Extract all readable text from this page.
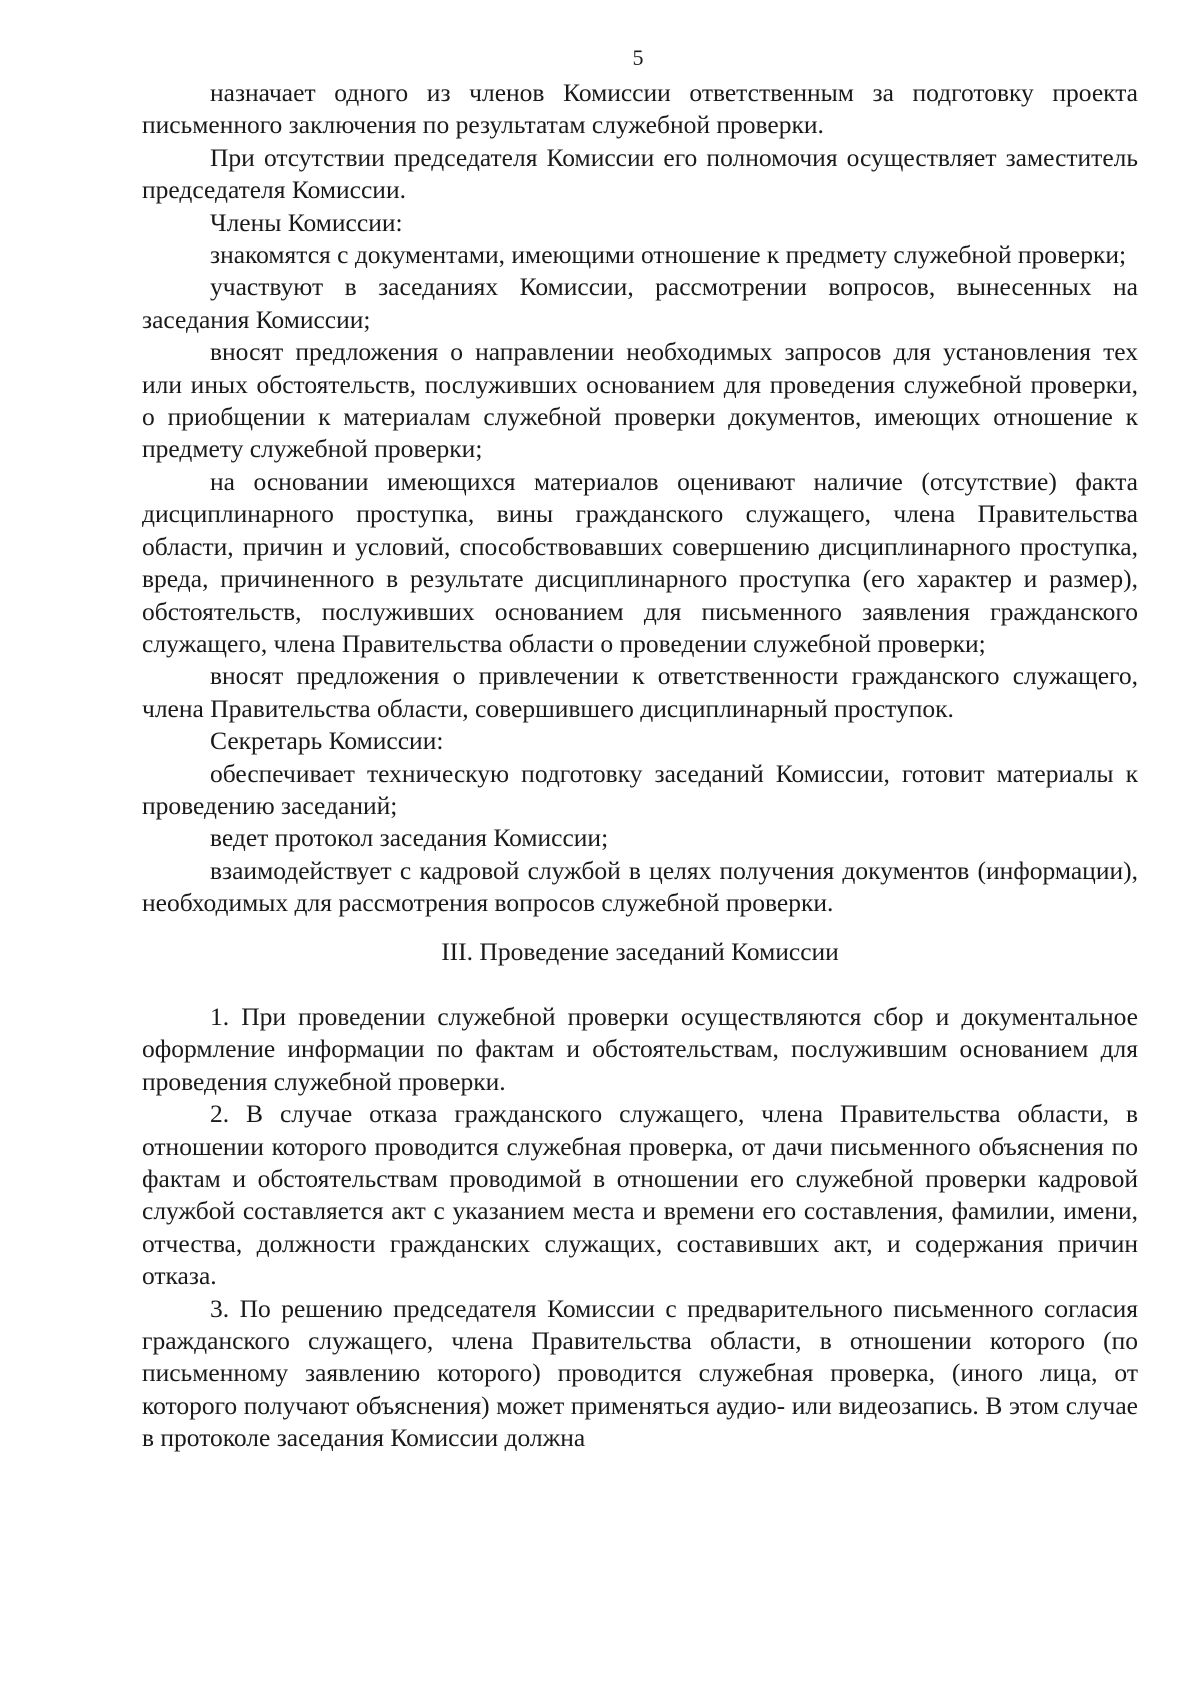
5

назначает одного из членов Комиссии ответственным за подготовку проекта письменного заключения по результатам служебной проверки.

При отсутствии председателя Комиссии его полномочия осуществляет заместитель председателя Комиссии.

Члены Комиссии:

знакомятся с документами, имеющими отношение к предмету служебной проверки;

участвуют в заседаниях Комиссии, рассмотрении вопросов, вынесенных на заседания Комиссии;

вносят предложения о направлении необходимых запросов для установления тех или иных обстоятельств, послуживших основанием для проведения служебной проверки, о приобщении к материалам служебной проверки документов, имеющих отношение к предмету служебной проверки;

на основании имеющихся материалов оценивают наличие (отсутствие) факта дисциплинарного проступка, вины гражданского служащего, члена Правительства области, причин и условий, способствовавших совершению дисциплинарного проступка, вреда, причиненного в результате дисциплинарного проступка (его характер и размер), обстоятельств, послуживших основанием для письменного заявления гражданского служащего, члена Правительства области о проведении служебной проверки;

вносят предложения о привлечении к ответственности гражданского служащего, члена Правительства области, совершившего дисциплинарный проступок.

Секретарь Комиссии:

обеспечивает техническую подготовку заседаний Комиссии, готовит материалы к проведению заседаний;

ведет протокол заседания Комиссии;

взаимодействует с кадровой службой в целях получения документов (информации), необходимых для рассмотрения вопросов служебной проверки.

III. Проведение заседаний Комиссии

1. При проведении служебной проверки осуществляются сбор и документальное оформление информации по фактам и обстоятельствам, послужившим основанием для проведения служебной проверки.

2. В случае отказа гражданского служащего, члена Правительства области, в отношении которого проводится служебная проверка, от дачи письменного объяснения по фактам и обстоятельствам проводимой в отношении его служебной проверки кадровой службой составляется акт с указанием места и времени его составления, фамилии, имени, отчества, должности гражданских служащих, составивших акт, и содержания причин отказа.

3. По решению председателя Комиссии с предварительного письменного согласия гражданского служащего, члена Правительства области, в отношении которого (по письменному заявлению которого) проводится служебная проверка, (иного лица, от которого получают объяснения) может применяться аудио- или видеозапись. В этом случае в протоколе заседания Комиссии должна
